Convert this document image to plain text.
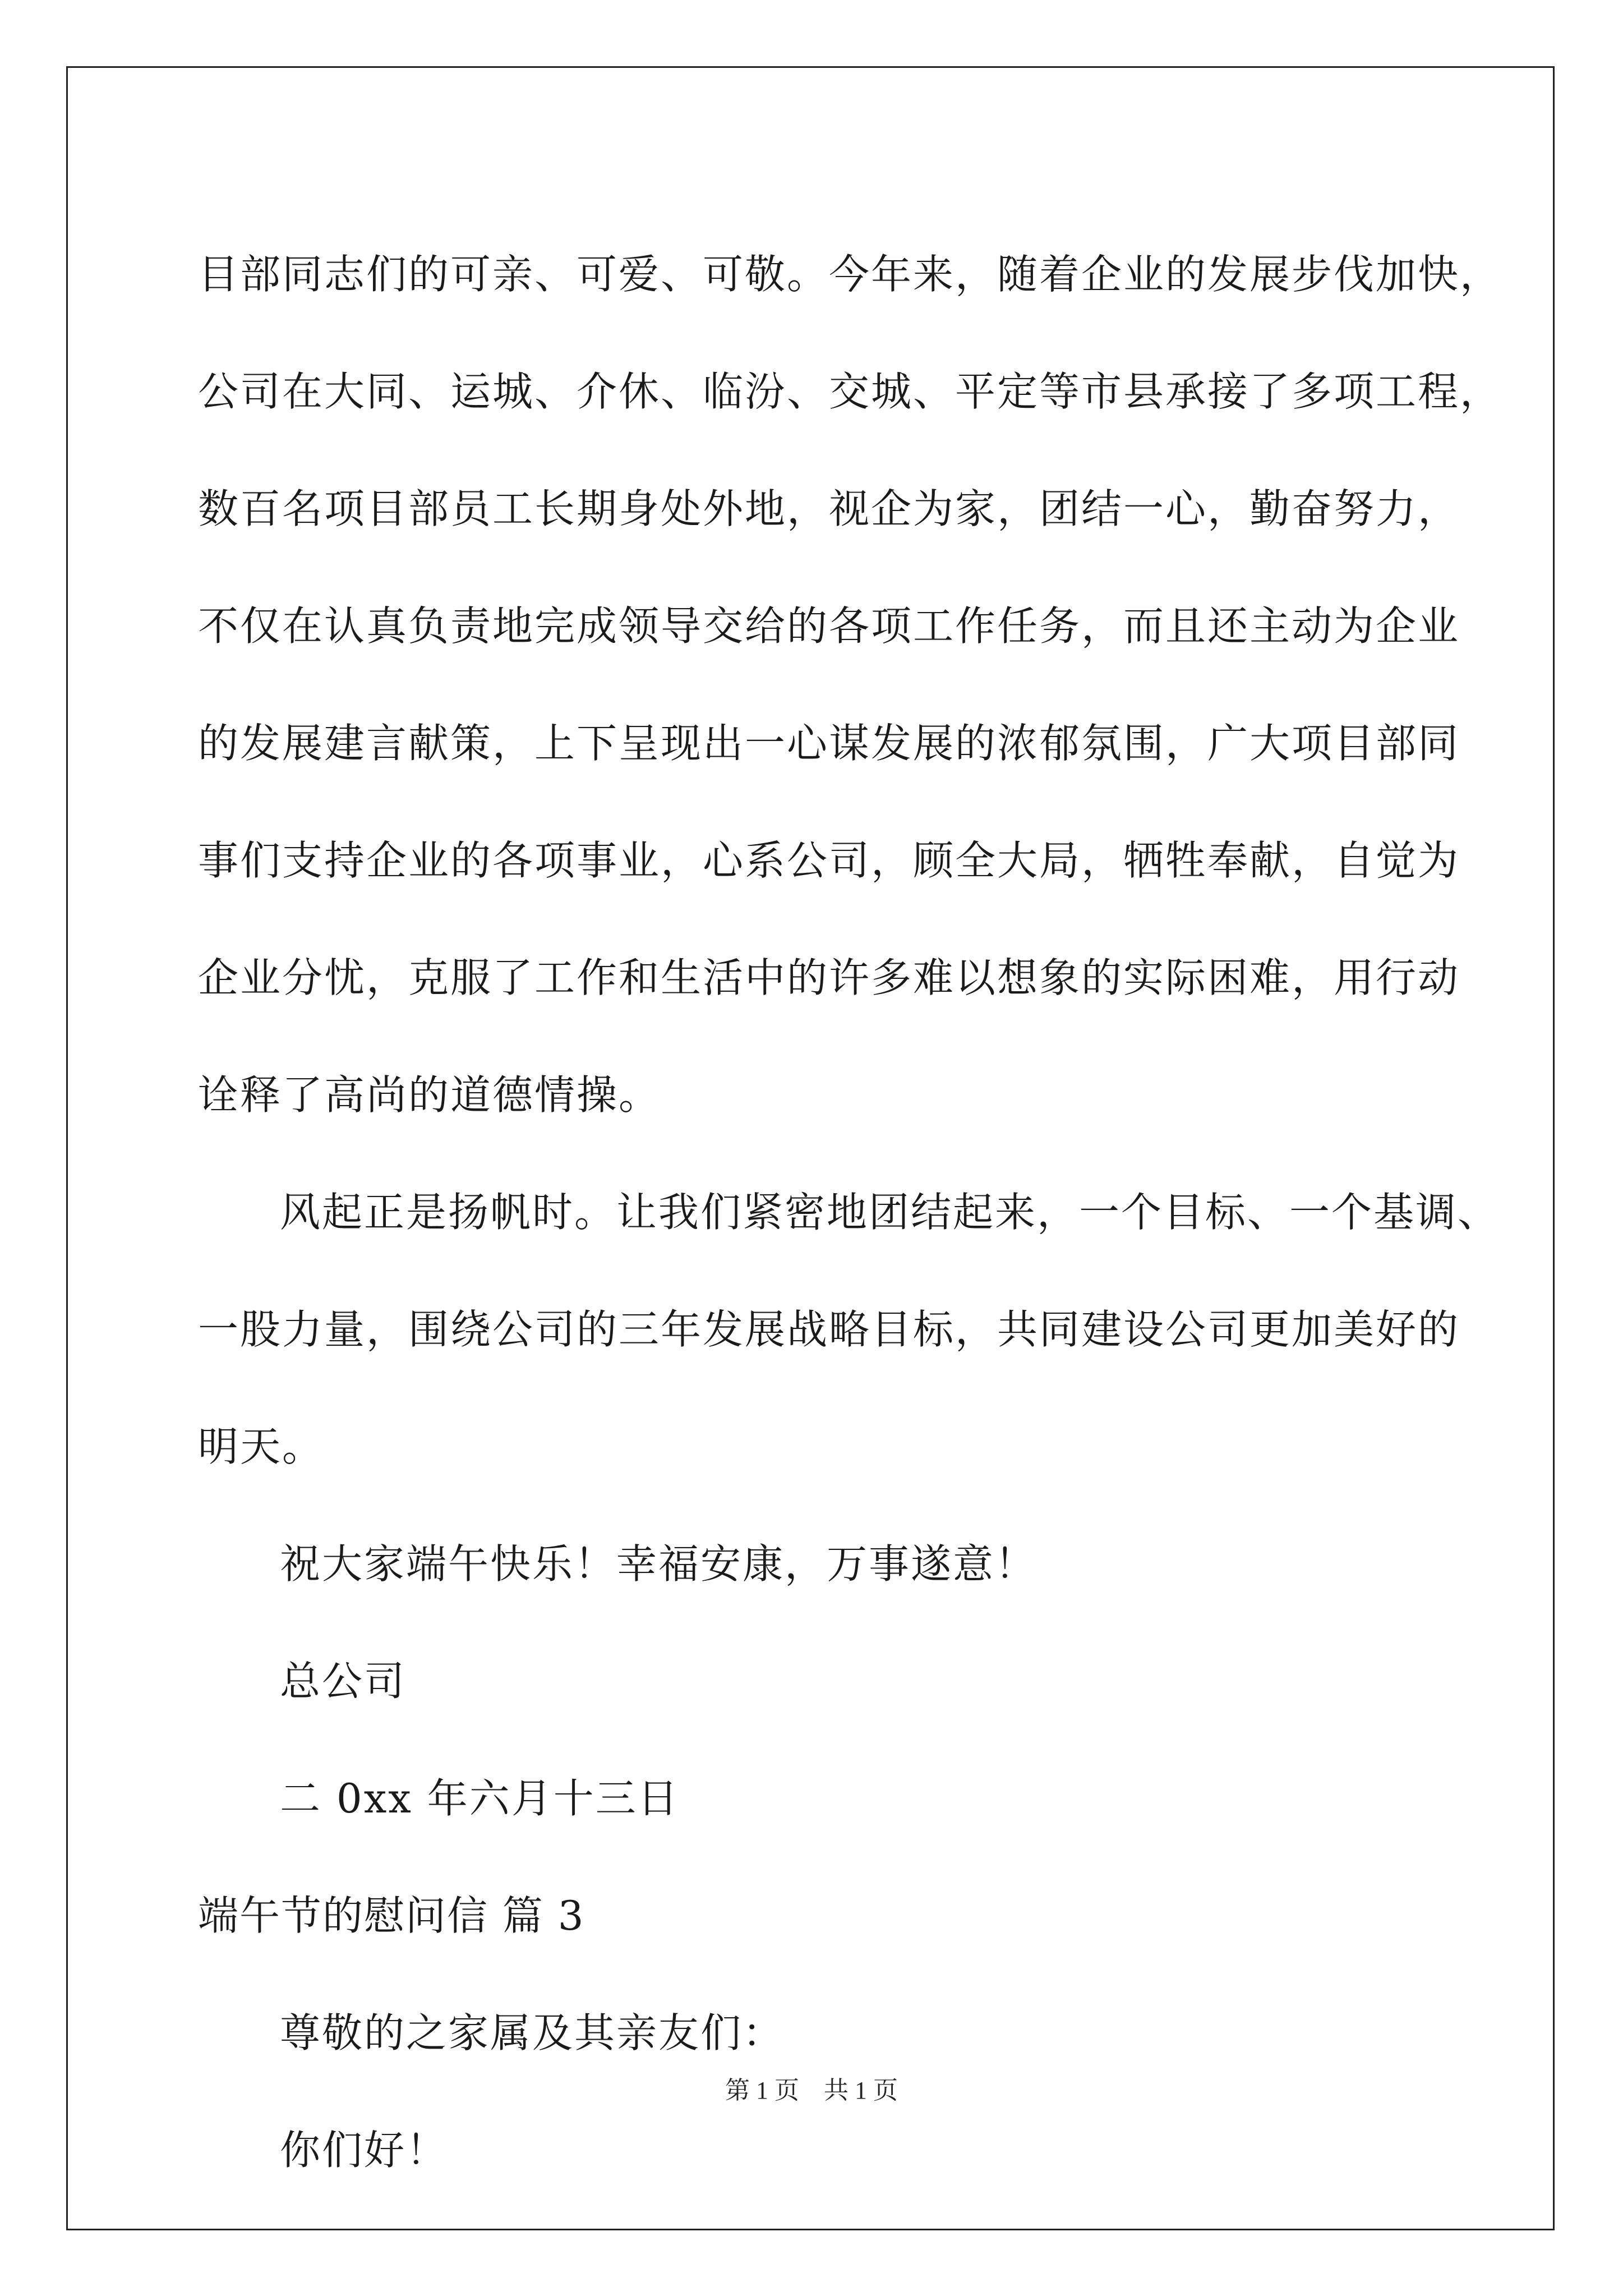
目部同志们的可亲、可爱、可敬。今年来，随着企业的发展步伐加快，
公司在大同、运城、介休、临汾、交城、平定等市县承接了多项工程，
数百名项目部员工长期身处外地，视企为家，团结一心，勤奋努力，
不仅在认真负责地完成领导交给的各项工作任务，而且还主动为企业
的发展建言献策，上下呈现出一心谋发展的浓郁氛围，广大项目部同
事们支持企业的各项事业，心系公司，顾全大局，牺牲奉献，自觉为
企业分忧，克服了工作和生活中的许多难以想象的实际困难，用行动
诠释了高尚的道德情操。
风起正是扬帆时。让我们紧密地团结起来，一个目标、一个基调、
一股力量，围绕公司的三年发展战略目标，共同建设公司更加美好的
明天。
祝大家端午快乐！幸福安康，万事遂意！
总公司
二 0xx 年六月十三日
端午节的慰问信 篇 3
尊敬的之家属及其亲友们：
你们好！
第 1 页    共 1 页
